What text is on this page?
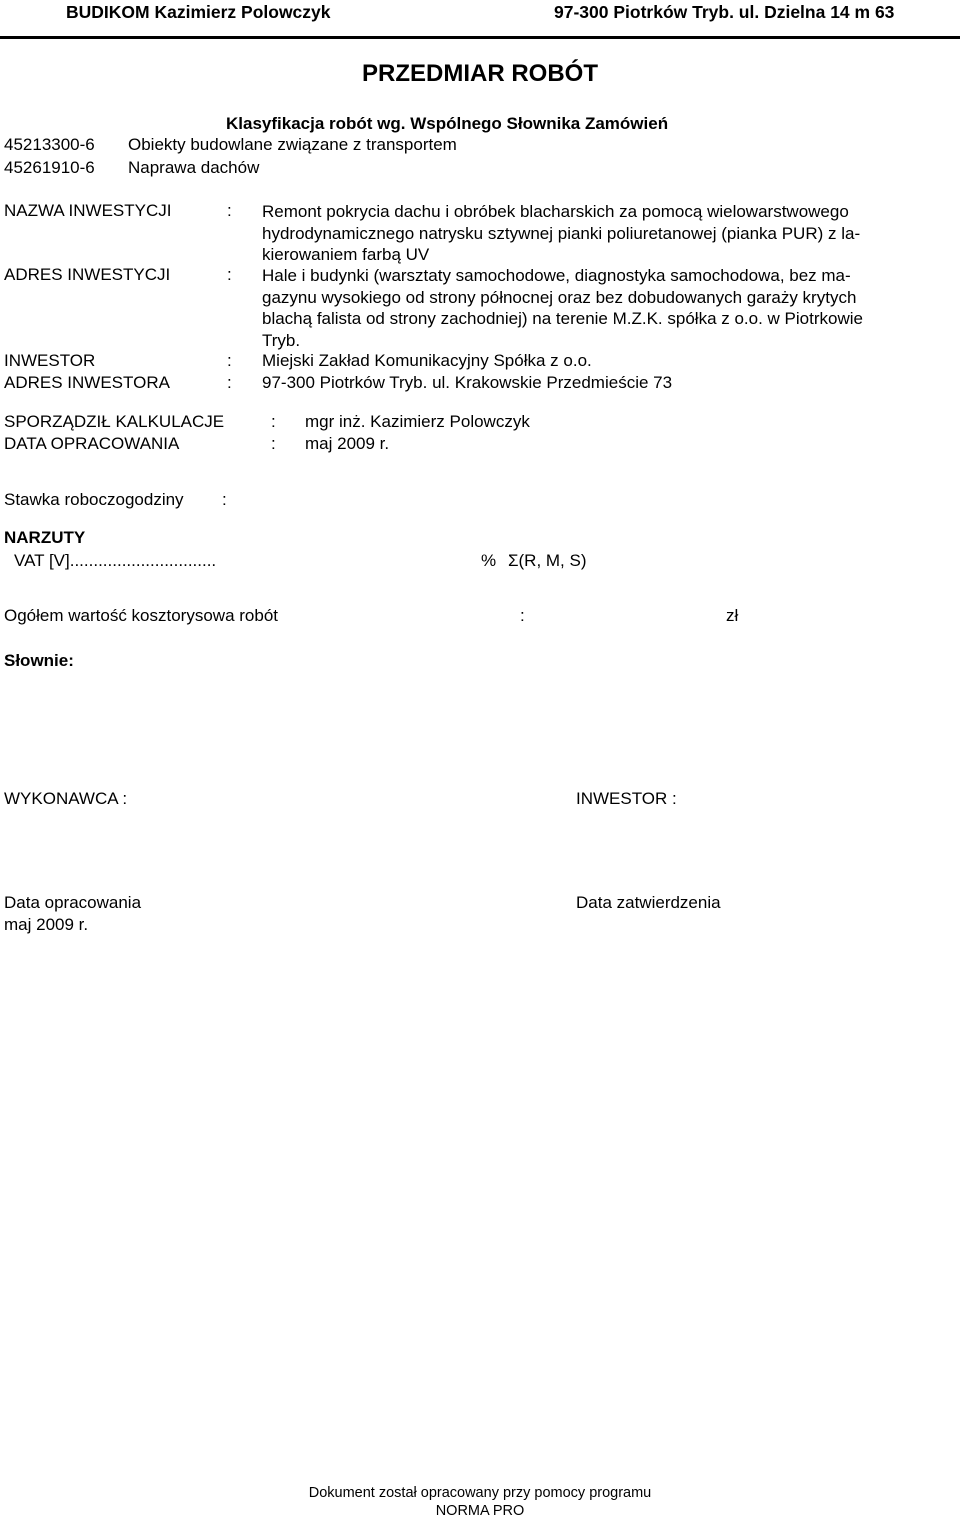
BUDIKOM Kazimierz Polowczyk	97-300 Piotrków Tryb. ul. Dzielna 14 m 63
PRZEDMIAR ROBÓT
Klasyfikacja robót wg. Wspólnego Słownika Zamówień
45213300-6 Obiekty budowlane związane z transportem
45261910-6 Naprawa dachów
NAZWA INWESTYCJI	: Remont pokrycia dachu i obróbek blacharskich za pomocą wielowarstwowego
hydrodynamicznego natrysku sztywnej pianki poliuretanowej (pianka PUR) z la-
kierowaniem farbą UV
ADRES INWESTYCJI	: Hale i budynki (warsztaty samochodowe, diagnostyka samochodowa, bez ma-
gazynu wysokiego od strony północnej oraz bez dobudowanych garaży krytych
blachą falista od strony zachodniej) na terenie M.Z.K. spółka z o.o. w Piotrkowie
Tryb.
INWESTOR	: Miejski Zakład Komunikacyjny Spółka z o.o.
ADRES INWESTORA	: 97-300 Piotrków Tryb. ul. Krakowskie Przedmieście 73
SPORZĄDZIŁ KALKULACJE	: mgr inż. Kazimierz Polowczyk
DATA OPRACOWANIA	: maj 2009 r.
Stawka roboczogodziny :
NARZUTY
VAT [V]...............................	% Σ(R, M, S)
Ogółem wartość kosztorysowa robót	:	zł
Słownie:
WYKONAWCA :	INWESTOR :
Data opracowania
maj 2009 r.
Data zatwierdzenia
Dokument został opracowany przy pomocy programu
NORMA PRO
